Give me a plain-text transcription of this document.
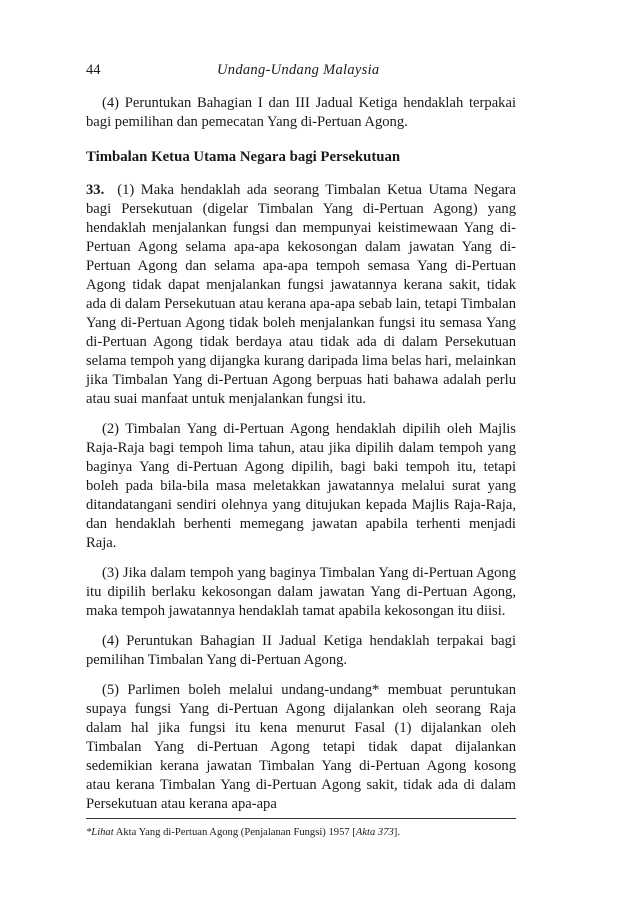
44	Undang-Undang Malaysia

(4) Peruntukan Bahagian I dan III Jadual Ketiga hendaklah terpakai bagi pemilihan dan pemecatan Yang di-Pertuan Agong.

Timbalan Ketua Utama Negara bagi Persekutuan

33. (1) Maka hendaklah ada seorang Timbalan Ketua Utama Negara bagi Persekutuan (digelar Timbalan Yang di-Pertuan Agong) yang hendaklah menjalankan fungsi dan mempunyai keistimewaan Yang di-Pertuan Agong selama apa-apa kekosongan dalam jawatan Yang di-Pertuan Agong dan selama apa-apa tempoh semasa Yang di-Pertuan Agong tidak dapat menjalankan fungsi jawatannya kerana sakit, tidak ada di dalam Persekutuan atau kerana apa-apa sebab lain, tetapi Timbalan Yang di-Pertuan Agong tidak boleh menjalankan fungsi itu semasa Yang di-Pertuan Agong tidak berdaya atau tidak ada di dalam Persekutuan selama tempoh yang dijangka kurang daripada lima belas hari, melainkan jika Timbalan Yang di-Pertuan Agong berpuas hati bahawa adalah perlu atau suai manfaat untuk menjalankan fungsi itu.

(2) Timbalan Yang di-Pertuan Agong hendaklah dipilih oleh Majlis Raja-Raja bagi tempoh lima tahun, atau jika dipilih dalam tempoh yang baginya Yang di-Pertuan Agong dipilih, bagi baki tempoh itu, tetapi boleh pada bila-bila masa meletakkan jawatannya melalui surat yang ditandatangani sendiri olehnya yang ditujukan kepada Majlis Raja-Raja, dan hendaklah berhenti memegang jawatan apabila terhenti menjadi Raja.

(3) Jika dalam tempoh yang baginya Timbalan Yang di-Pertuan Agong itu dipilih berlaku kekosongan dalam jawatan Yang di-Pertuan Agong, maka tempoh jawatannya hendaklah tamat apabila kekosongan itu diisi.

(4) Peruntukan Bahagian II Jadual Ketiga hendaklah terpakai bagi pemilihan Timbalan Yang di-Pertuan Agong.

(5) Parlimen boleh melalui undang-undang* membuat peruntukan supaya fungsi Yang di-Pertuan Agong dijalankan oleh seorang Raja dalam hal jika fungsi itu kena menurut Fasal (1) dijalankan oleh Timbalan Yang di-Pertuan Agong tetapi tidak dapat dijalankan sedemikian kerana jawatan Timbalan Yang di-Pertuan Agong kosong atau kerana Timbalan Yang di-Pertuan Agong sakit, tidak ada di dalam Persekutuan atau kerana apa-apa

*Lihat Akta Yang di-Pertuan Agong (Penjalanan Fungsi) 1957 [Akta 373].
